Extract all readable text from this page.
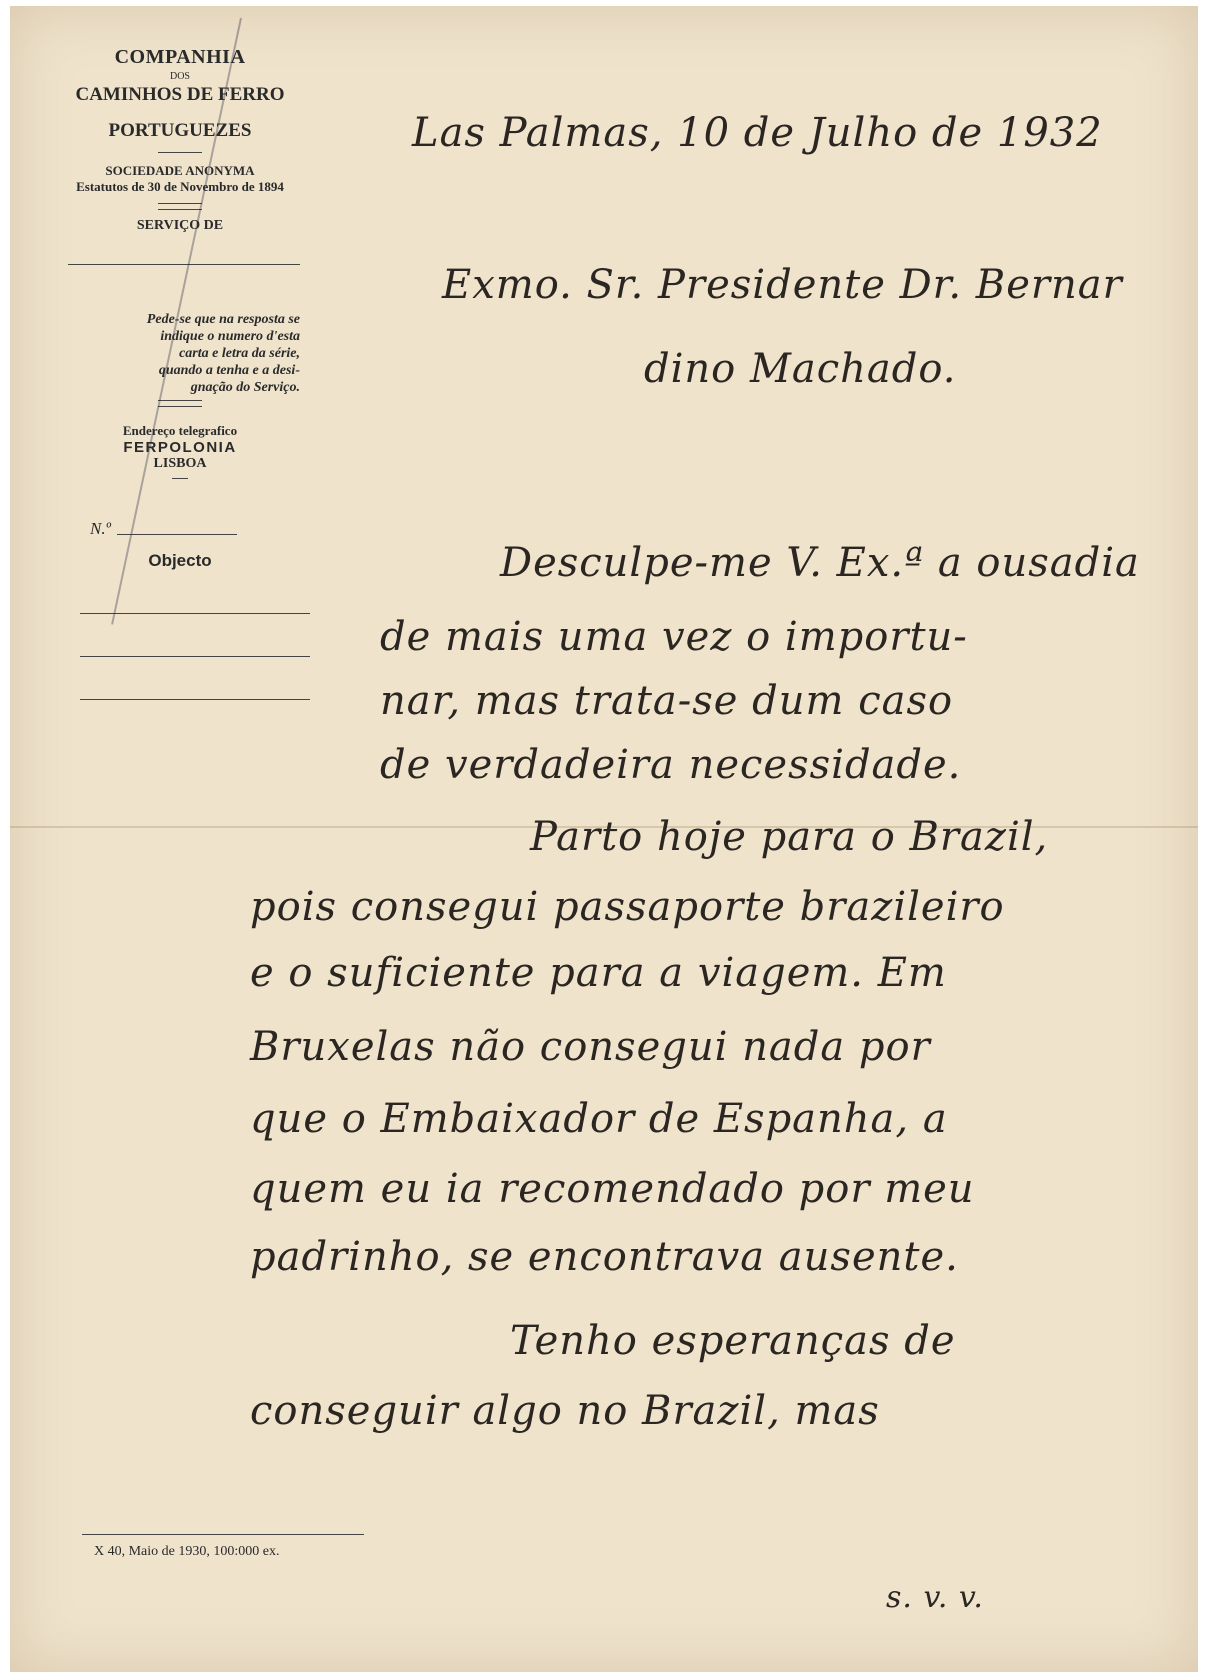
COMPANHIA
DOS
CAMINHOS DE FERRO
PORTUGUEZES
SOCIEDADE ANONYMA
Estatutos de 30 de Novembro de 1894
SERVIÇO DE
Pede-se que na resposta se
indique o numero d'esta
carta e letra da série,
quando a tenha e a desi-
gnação do Serviço.
Endereço telegrafico
FERPOLONIA
LISBOA
N.º
Objecto
X 40, Maio de 1930, 100:000 ex.
Las Palmas, 10 de Julho de 1932
Exmo. Sr. Presidente Dr. Bernar
dino Machado.
Desculpe-me V. Ex.ª a ousadia
de mais uma vez o importu-
nar, mas trata-se dum caso
de verdadeira necessidade.
Parto hoje para o Brazil,
pois consegui passaporte brazileiro
e o suficiente para a viagem. Em
Bruxelas não consegui nada por
que o Embaixador de Espanha, a
quem eu ia recomendado por meu
padrinho, se encontrava ausente.
Tenho esperanças de
conseguir algo no Brazil, mas
s. v. v.
